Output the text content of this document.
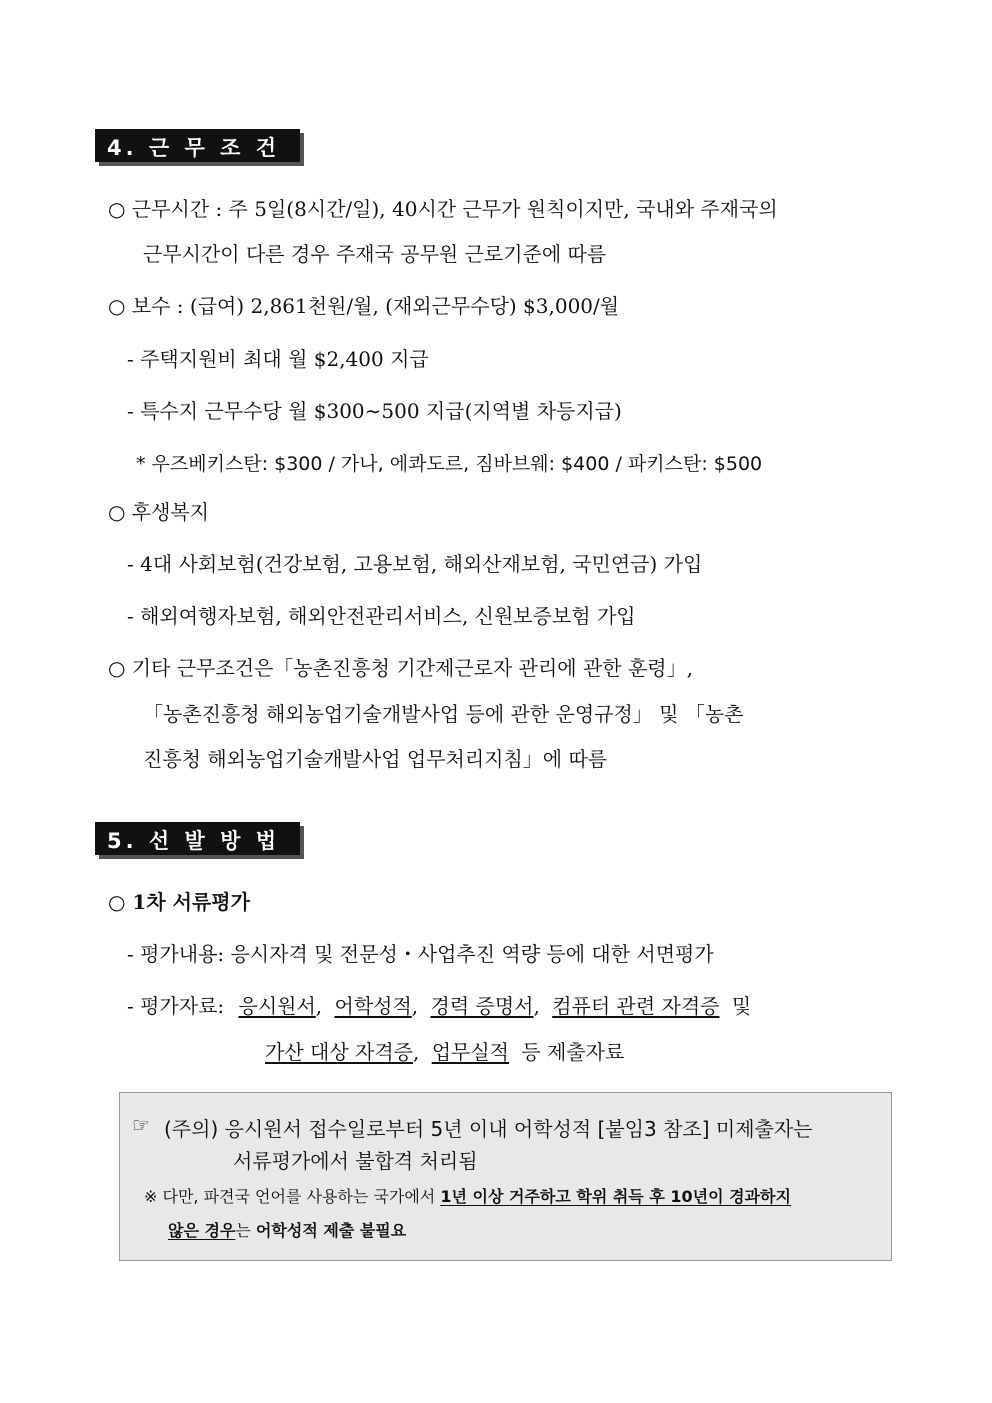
4. 근 무 조 건
○ 근무시간 : 주 5일(8시간/일), 40시간 근무가 원칙이지만, 국내와 주재국의
근무시간이 다른 경우 주재국 공무원 근로기준에 따름
○ 보수 : (급여) 2,861천원/월, (재외근무수당) $3,000/월
- 주택지원비 최대 월 $2,400 지급
- 특수지 근무수당 월 $300∼500 지급(지역별 차등지급)
* 우즈베키스탄: $300 / 가나, 에콰도르, 짐바브웨: $400 / 파키스탄: $500
○ 후생복지
- 4대 사회보험(건강보험, 고용보험, 해외산재보험, 국민연금) 가입
- 해외여행자보험, 해외안전관리서비스, 신원보증보험 가입
○ 기타 근무조건은「농촌진흥청 기간제근로자 관리에 관한 훈령」,
「농촌진흥청 해외농업기술개발사업 등에 관한 운영규정」 및 「농촌
진흥청 해외농업기술개발사업 업무처리지침」에 따름
5. 선 발 방 법
○ 1차 서류평가
- 평가내용: 응시자격 및 전문성・사업추진 역량 등에 대한 서면평가
- 평가자료: 응시원서, 어학성적, 경력 증명서, 컴퓨터 관련 자격증 및
가산 대상 자격증, 업무실적 등 제출자료
☞ (주의) 응시원서 접수일로부터 5년 이내 어학성적 [붙임3 참조] 미제출자는
서류평가에서 불합격 처리됨
※ 다만, 파견국 언어를 사용하는 국가에서 1년 이상 거주하고 학위 취득 후 10년이 경과하지
않은 경우는 어학성적 제출 불필요
